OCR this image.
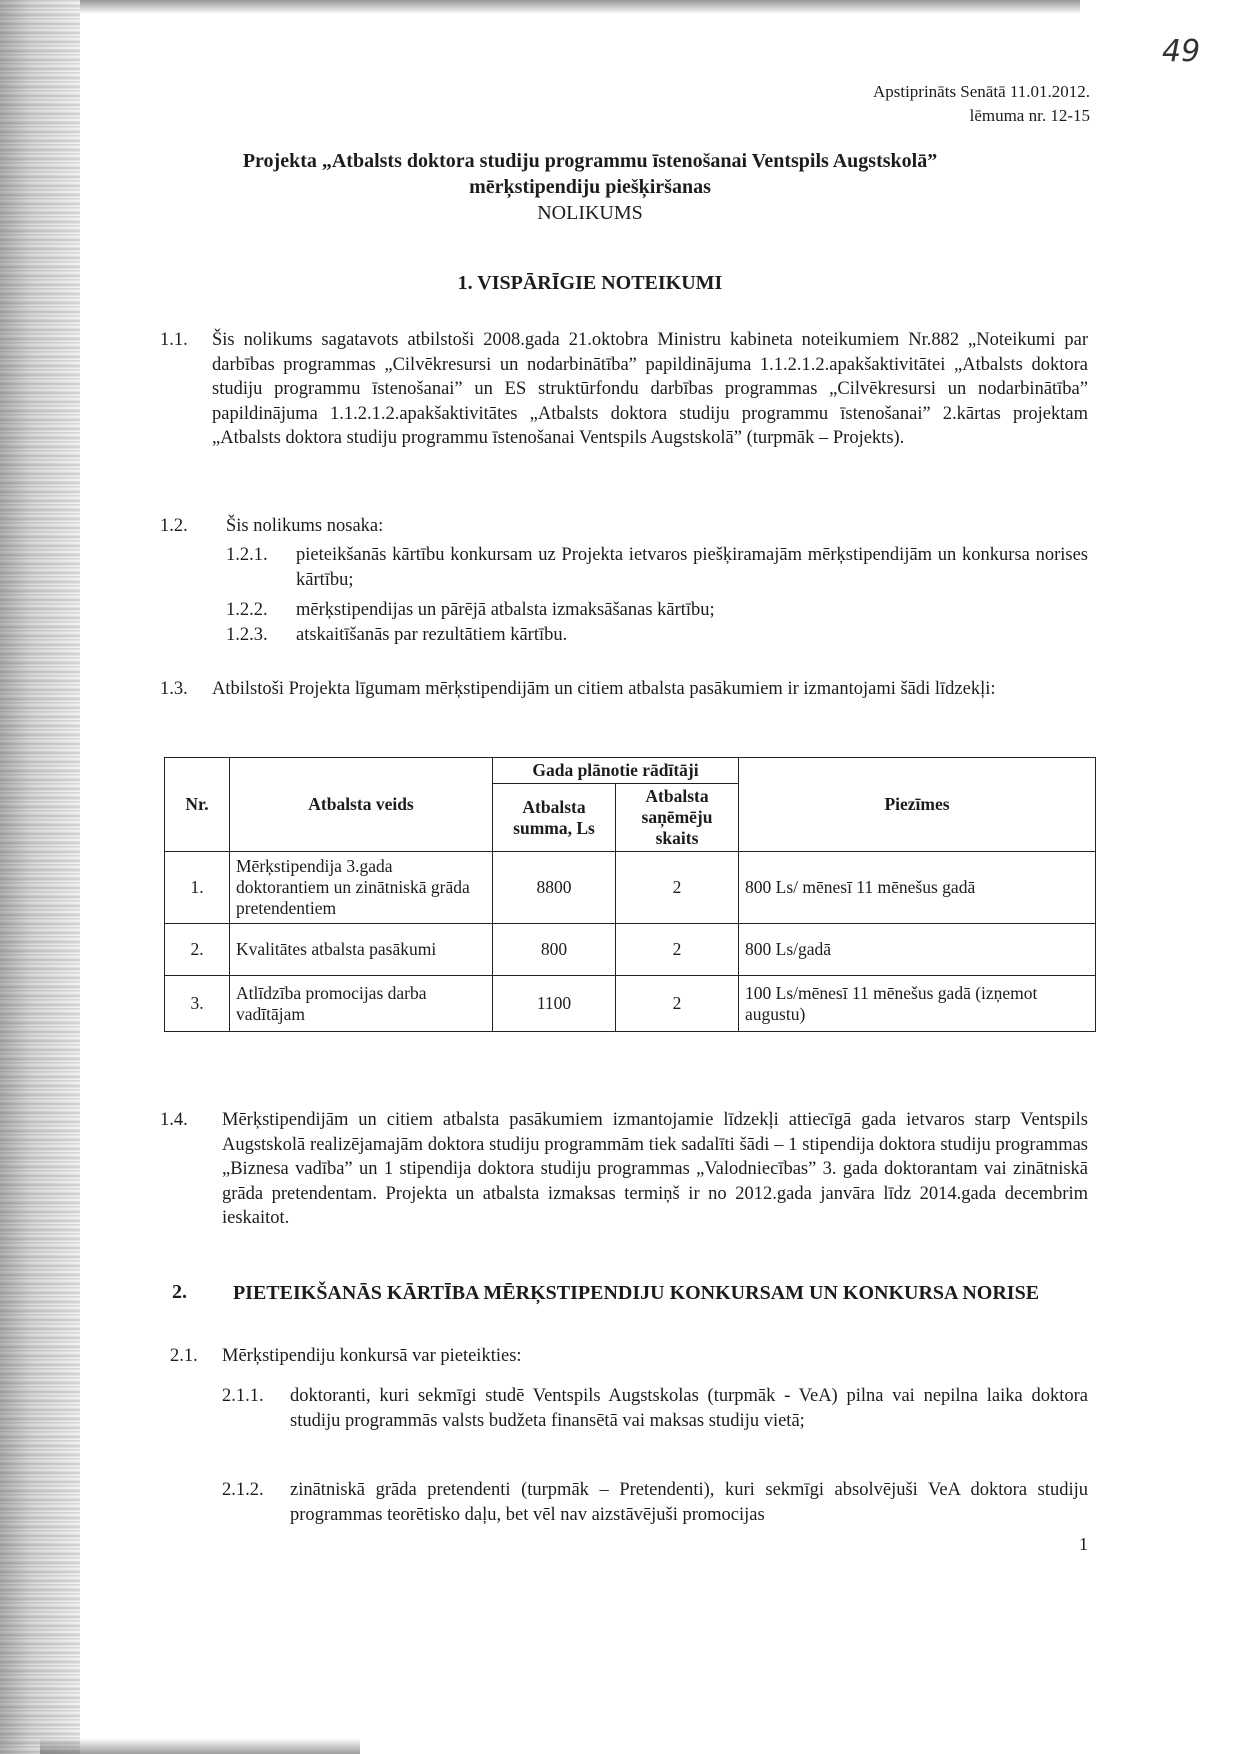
49
Apstiprināts Senātā 11.01.2012.
lēmuma nr. 12-15
Projekta „Atbalsts doktora studiju programmu īstenošanai Ventspils Augstskolā”
mērķstipendiju piešķiršanas
NOLIKUMS
1. VISPĀRĪGIE NOTEIKUMI
1.1. Šis nolikums sagatavots atbilstoši 2008.gada 21.oktobra Ministru kabineta noteikumiem Nr.882 „Noteikumi par darbības programmas „Cilvēkresursi un nodarbinātība” papildinājuma 1.1.2.1.2.apakšaktivitātei „Atbalsts doktora studiju programmu īstenošanai” un ES struktūrfondu darbības programmas „Cilvēkresursi un nodarbinātība” papildinājuma 1.1.2.1.2.apakšaktivitātes „Atbalsts doktora studiju programmu īstenošanai” 2.kārtas projektam „Atbalsts doktora studiju programmu īstenošanai Ventspils Augstskolā” (turpmāk – Projekts).
1.2. Šis nolikums nosaka:
1.2.1. pieteikšanās kārtību konkursam uz Projekta ietvaros piešķiramajām mērķstipendijām un konkursa norises kārtību;
1.2.2. mērķstipendijas un pārējā atbalsta izmaksāšanas kārtību;
1.2.3. atskaitīšanās par rezultātiem kārtību.
1.3. Atbilstoši Projekta līgumam mērķstipendijām un citiem atbalsta pasākumiem ir izmantojami šādi līdzekļi:
Nr.	Atbalsta veids	Gada plānotie rādītāji		Piezīmes
		Atbalsta summa, Ls	Atbalsta saņēmēju skaits	
1.	Mērķstipendija 3.gada doktorantiem un zinātniskā grāda pretendentiem	8800	2	800 Ls/ mēnesī 11 mēnešus gadā
2.	Kvalitātes atbalsta pasākumi	800	2	800 Ls/gadā
3.	Atlīdzība promocijas darba vadītājam	1100	2	100 Ls/mēnesī 11 mēnešus gadā (izņemot augustu)
1.4. Mērķstipendijām un citiem atbalsta pasākumiem izmantojamie līdzekļi attiecīgā gada ietvaros starp Ventspils Augstskolā realizējamajām doktora studiju programmām tiek sadalīti šādi – 1 stipendija doktora studiju programmas „Biznesa vadība” un 1 stipendija doktora studiju programmas „Valodniecības” 3. gada doktorantam vai zinātniskā grāda pretendentam. Projekta un atbalsta izmaksas termiņš ir no 2012.gada janvāra līdz 2014.gada decembrim ieskaitot.
2.	PIETEIKŠANĀS KĀRTĪBA MĒRĶSTIPENDIJU KONKURSAM UN KONKURSA NORISE
2.1. Mērķstipendiju konkursā var pieteikties:
2.1.1. doktoranti, kuri sekmīgi studē Ventspils Augstskolas (turpmāk - VeA) pilna vai nepilna laika doktora studiju programmās valsts budžeta finansētā vai maksas studiju vietā;
2.1.2. zinātniskā grāda pretendenti (turpmāk – Pretendenti), kuri sekmīgi absolvējuši VeA doktora studiju programmas teorētisko daļu, bet vēl nav aizstāvējuši promocijas
1
